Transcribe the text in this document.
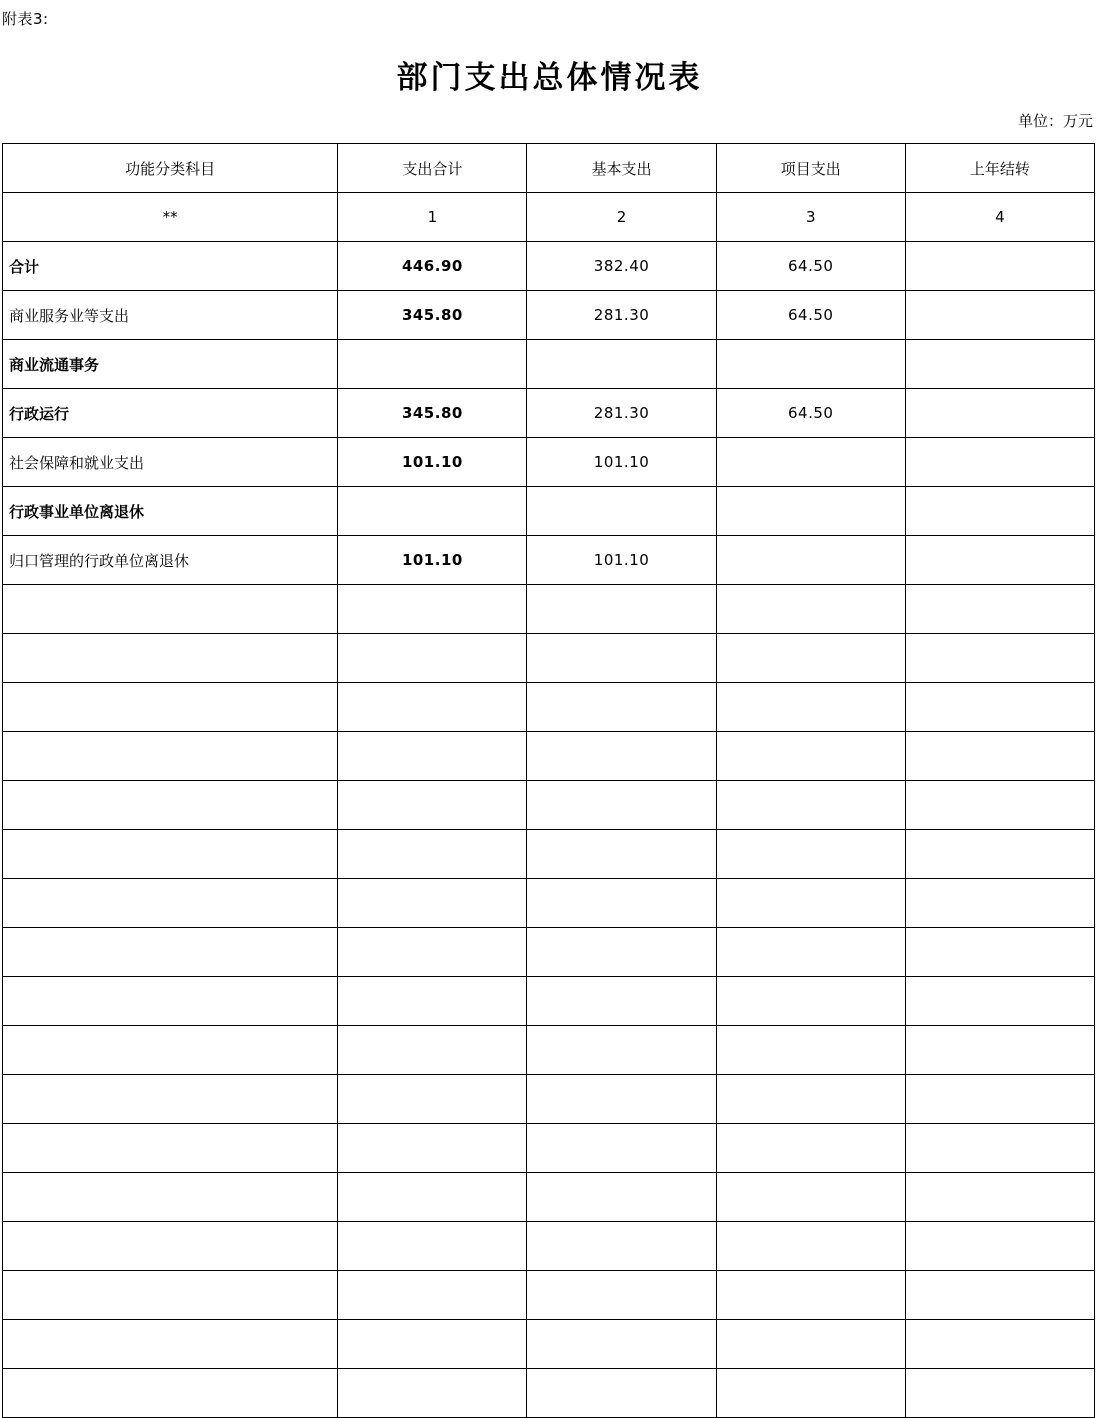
附表3:
部门支出总体情况表
单位：万元
功能分类科目	支出合计	基本支出	项目支出	上年结转
**	1	2	3	4
合计	446.90	382.40	64.50	
商业服务业等支出	345.80	281.30	64.50	
商业流通事务				
行政运行	345.80	281.30	64.50	
社会保障和就业支出	101.10	101.10		
行政事业单位离退休				
归口管理的行政单位离退休	101.10	101.10		
